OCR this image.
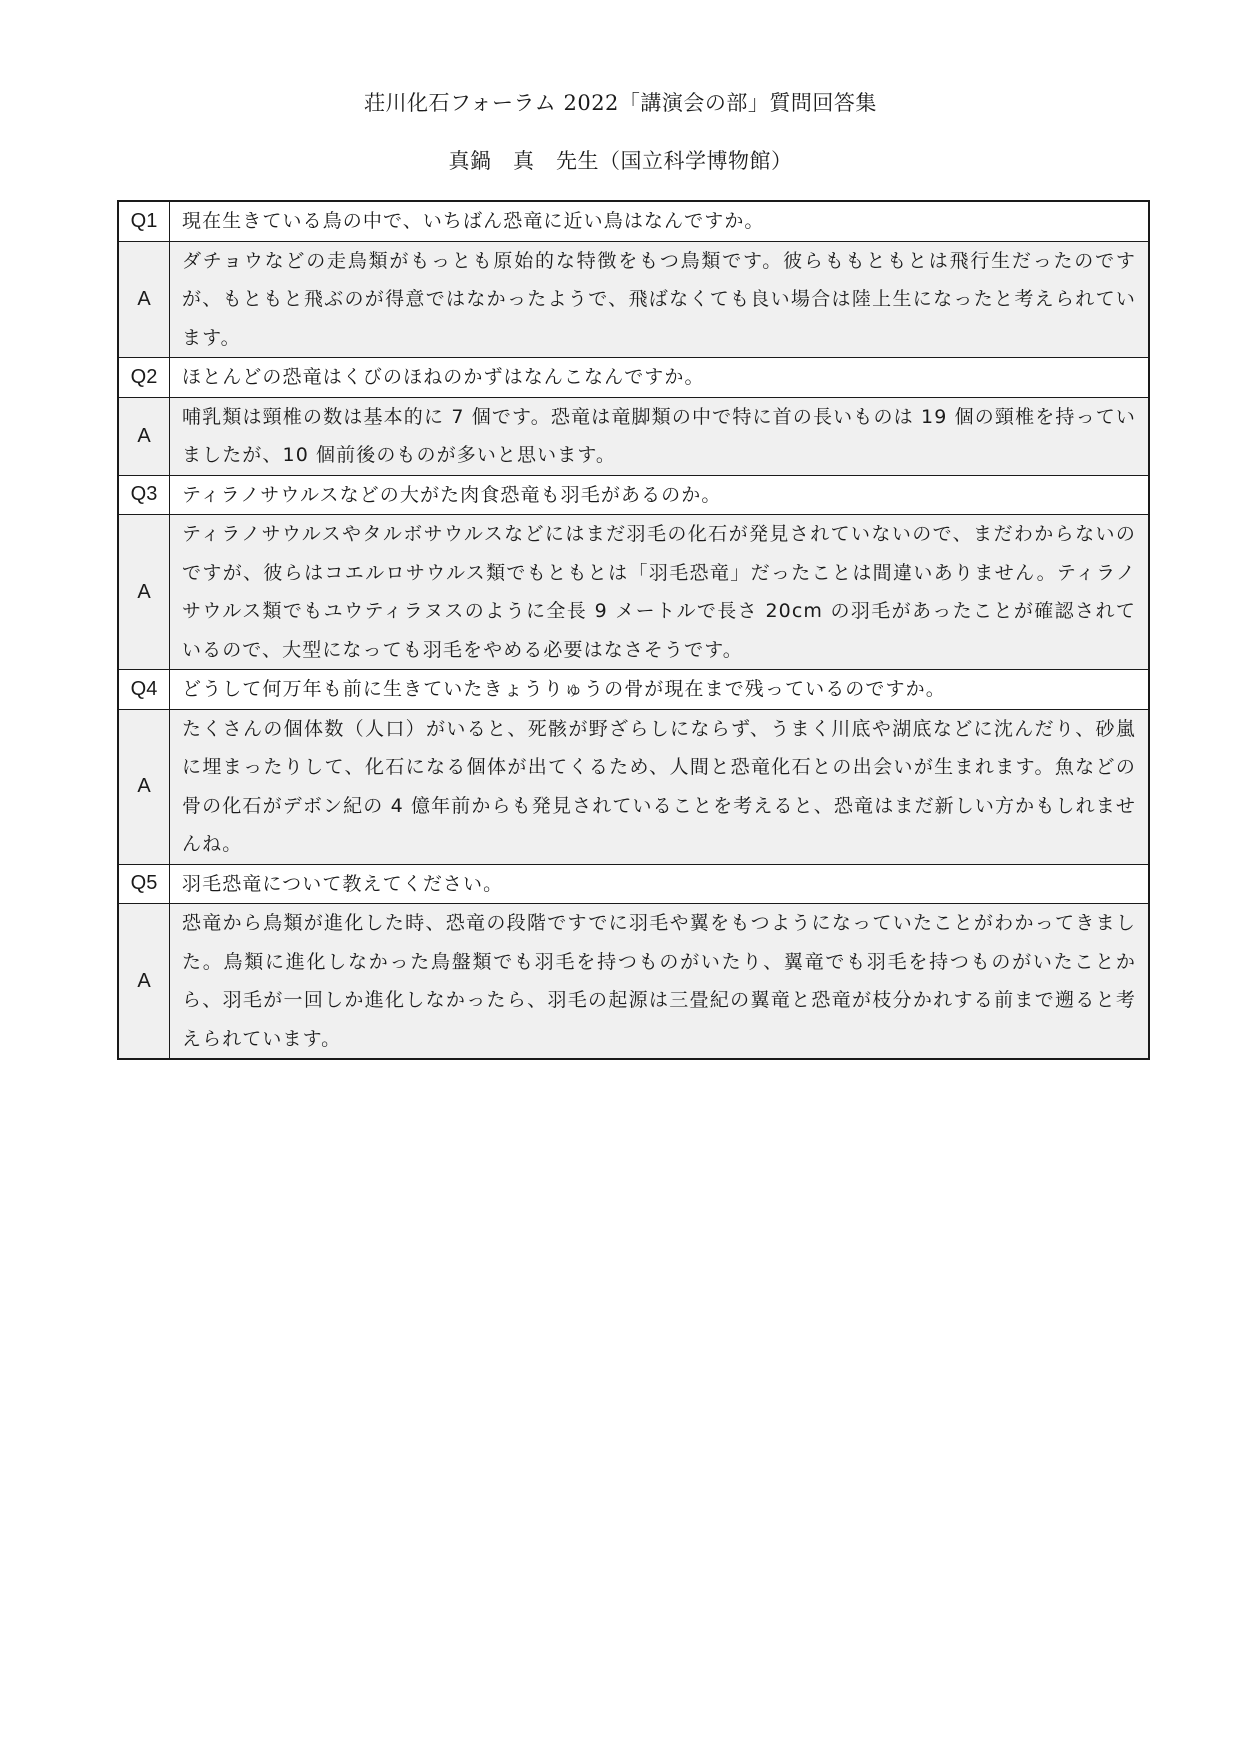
荘川化石フォーラム 2022「講演会の部」質問回答集
真鍋　真　先生（国立科学博物館）
Q1	現在生きている鳥の中で、いちばん恐竜に近い鳥はなんですか。
A	ダチョウなどの走鳥類がもっとも原始的な特徴をもつ鳥類です。彼らももともとは飛行生だったのですが、もともと飛ぶのが得意ではなかったようで、飛ばなくても良い場合は陸上生になったと考えられています。
Q2	ほとんどの恐竜はくびのほねのかずはなんこなんですか。
A	哺乳類は頸椎の数は基本的に 7 個です。恐竜は竜脚類の中で特に首の長いものは 19 個の頸椎を持っていましたが、10 個前後のものが多いと思います。
Q3	ティラノサウルスなどの大がた肉食恐竜も羽毛があるのか。
A	ティラノサウルスやタルボサウルスなどにはまだ羽毛の化石が発見されていないので、まだわからないのですが、彼らはコエルロサウルス類でもともとは「羽毛恐竜」だったことは間違いありません。ティラノサウルス類でもユウティラヌスのように全長 9 メートルで長さ 20cm の羽毛があったことが確認されているので、大型になっても羽毛をやめる必要はなさそうです。
Q4	どうして何万年も前に生きていたきょうりゅうの骨が現在まで残っているのですか。
A	たくさんの個体数（人口）がいると、死骸が野ざらしにならず、うまく川底や湖底などに沈んだり、砂嵐に埋まったりして、化石になる個体が出てくるため、人間と恐竜化石との出会いが生まれます。魚などの骨の化石がデボン紀の 4 億年前からも発見されていることを考えると、恐竜はまだ新しい方かもしれませんね。
Q5	羽毛恐竜について教えてください。
A	恐竜から鳥類が進化した時、恐竜の段階ですでに羽毛や翼をもつようになっていたことがわかってきました。鳥類に進化しなかった鳥盤類でも羽毛を持つものがいたり、翼竜でも羽毛を持つものがいたことから、羽毛が一回しか進化しなかったら、羽毛の起源は三畳紀の翼竜と恐竜が枝分かれする前まで遡ると考えられています。
